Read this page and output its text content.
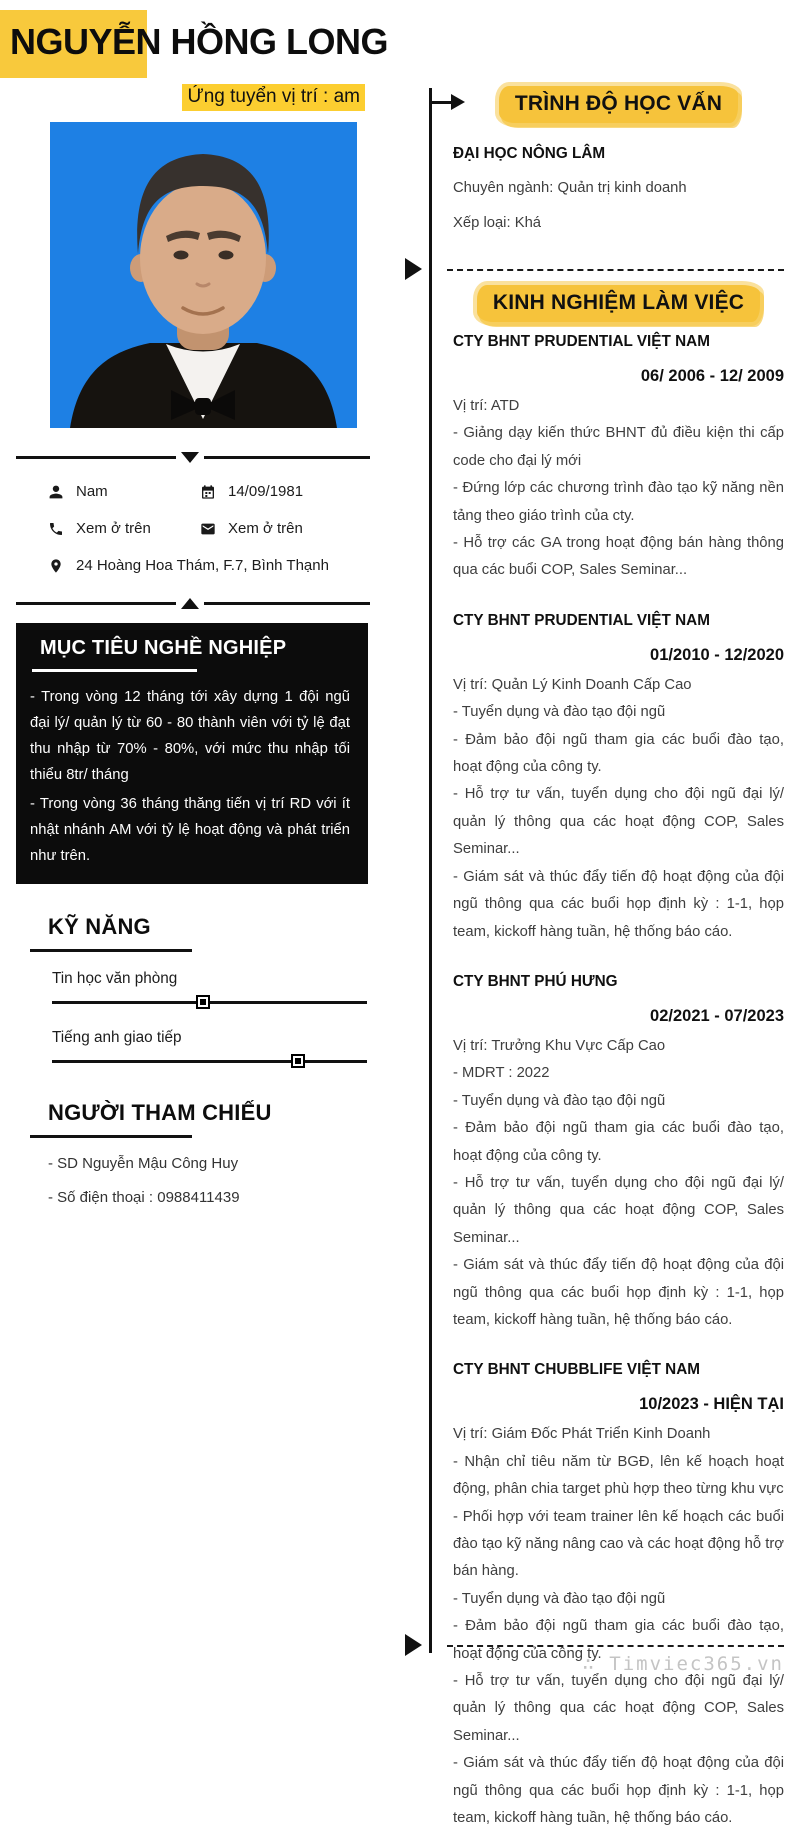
NGUYỄN HỒNG LONG
Ứng tuyển vị trí : am
Nam	14/09/1981
Xem ở trên	Xem ở trên
24 Hoàng Hoa Thám, F.7, Bình Thạnh
MỤC TIÊU NGHỀ NGHIỆP

- Trong vòng 12 tháng tới xây dựng 1 đội ngũ đại lý/ quản lý từ 60 - 80 thành viên với tỷ lệ đạt thu nhập từ 70% - 80%, với mức thu nhập tối thiểu 8tr/ tháng

- Trong vòng 36 tháng thăng tiến vị trí RD với ít nhật nhánh AM với tỷ lệ hoạt động và phát triển như trên.

KỸ NĂNG
Tin học văn phòng
Tiếng anh giao tiếp
NGƯỜI THAM CHIẾU
- SD Nguyễn Mậu Công Huy
- Số điện thoại : 0988411439
TRÌNH ĐỘ HỌC VẤN

ĐẠI HỌC NÔNG LÂM

Chuyên ngành: Quản trị kinh doanh

Xếp loại: Khá

KINH NGHIỆM LÀM VIỆC

CTY BHNT PRUDENTIAL VIỆT NAM

06/ 2006 - 12/ 2009

Vị trí: ATD

- Giảng dạy kiến thức BHNT đủ điều kiện thi cấp code cho đại lý mới

- Đứng lớp các chương trình đào tạo kỹ năng nền tảng theo giáo trình của cty.

- Hỗ trợ các GA trong hoạt động bán hàng thông qua các buổi COP, Sales Seminar...

CTY BHNT PRUDENTIAL VIỆT NAM

01/2010 - 12/2020

Vị trí: Quản Lý Kinh Doanh Cấp Cao

- Tuyển dụng và đào tạo đội ngũ

- Đảm bảo đội ngũ tham gia các buổi đào tạo, hoạt động của công ty.

- Hỗ trợ tư vấn, tuyển dụng cho đội ngũ đại lý/ quản lý thông qua các hoạt động COP, Sales Seminar...

- Giám sát và thúc đẩy tiến độ hoạt động của đội ngũ thông qua các buổi họp định kỳ : 1-1, họp team, kickoff hàng tuần, hệ thống báo cáo.

CTY BHNT PHÚ HƯNG

02/2021 - 07/2023

Vị trí: Trưởng Khu Vực Cấp Cao

- MDRT : 2022

- Tuyển dụng và đào tạo đội ngũ

- Đảm bảo đội ngũ tham gia các buổi đào tạo, hoạt động của công ty.

- Hỗ trợ tư vấn, tuyển dụng cho đội ngũ đại lý/ quản lý thông qua các hoạt động COP, Sales Seminar...

- Giám sát và thúc đẩy tiến độ hoạt động của đội ngũ thông qua các buổi họp định kỳ : 1-1, họp team, kickoff hàng tuần, hệ thống báo cáo.

CTY BHNT CHUBBLIFE VIỆT NAM

10/2023 - HIỆN TẠI

Vị trí: Giám Đốc Phát Triển Kinh Doanh

- Nhận chỉ tiêu năm từ BGĐ, lên kế hoạch hoạt động, phân chia target phù hợp theo từng khu vực

- Phối hợp với team trainer lên kế hoạch các buổi đào tạo kỹ năng nâng cao và các hoạt động hỗ trợ bán hàng.

- Tuyển dụng và đào tạo đội ngũ

- Đảm bảo đội ngũ tham gia các buổi đào tạo, hoạt động của công ty.

- Hỗ trợ tư vấn, tuyển dụng cho đội ngũ đại lý/ quản lý thông qua các hoạt động COP, Sales Seminar...

- Giám sát và thúc đẩy tiến độ hoạt động của đội ngũ thông qua các buổi họp định kỳ : 1-1, họp team, kickoff hàng tuần, hệ thống báo cáo.

∴ Timviec365.vn
